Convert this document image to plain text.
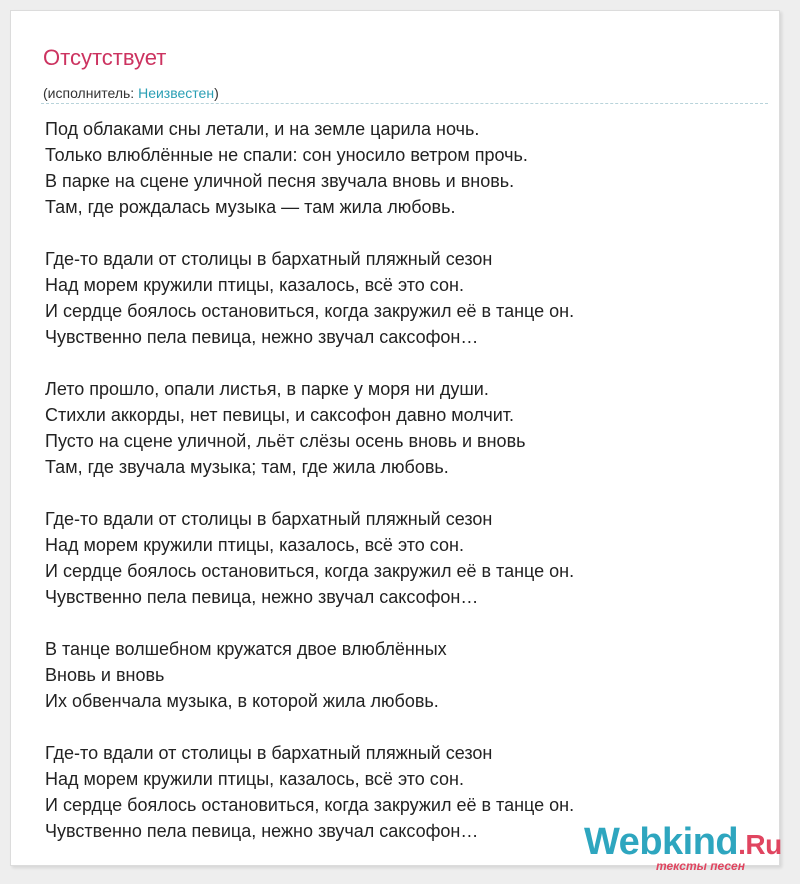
Отсутствует
(исполнитель: Неизвестен)
Под облаками сны летали, и на земле царила ночь.
Только влюблённые не спали: сон уносило ветром прочь.
В парке на сцене уличной песня звучала вновь и вновь.
Там, где рождалась музыка — там жила любовь.
Где-то вдали от столицы в бархатный пляжный сезон
Над морем кружили птицы, казалось, всё это сон.
И сердце боялось остановиться, когда закружил её в танце он.
Чувственно пела певица, нежно звучал саксофон…
Лето прошло, опали листья, в парке у моря ни души.
Стихли аккорды, нет певицы, и саксофон давно молчит.
Пусто на сцене уличной, льёт слёзы осень вновь и вновь
Там, где звучала музыка; там, где жила любовь.
Где-то вдали от столицы в бархатный пляжный сезон
Над морем кружили птицы, казалось, всё это сон.
И сердце боялось остановиться, когда закружил её в танце он.
Чувственно пела певица, нежно звучал саксофон…
В танце волшебном кружатся двое влюблённых
Вновь и вновь
Их обвенчала музыка, в которой жила любовь.
Где-то вдали от столицы в бархатный пляжный сезон
Над морем кружили птицы, казалось, всё это сон.
И сердце боялось остановиться, когда закружил её в танце он.
Чувственно пела певица, нежно звучал саксофон…	Webkind.Ru
тексты песен
